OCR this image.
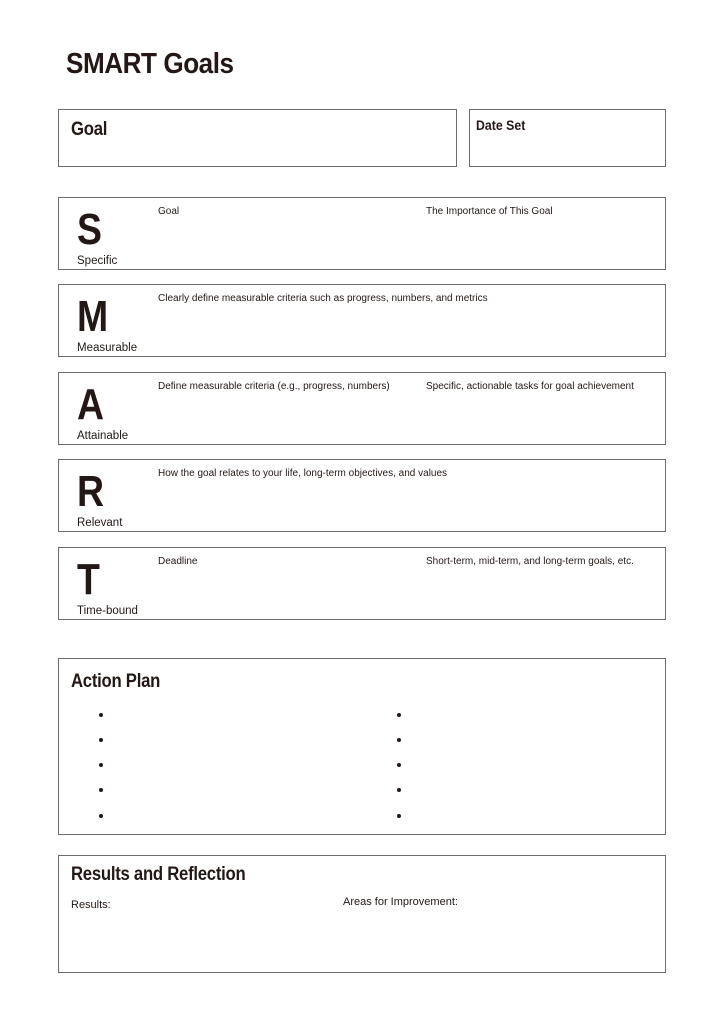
SMART Goals
Goal	Date Set
S
Specific
Goal	The Importance of This Goal
M
Measurable
Clearly define measurable criteria such as progress, numbers, and metrics
A
Attainable
Define measurable criteria (e.g., progress, numbers)	Specific, actionable tasks for goal achievement
R
Relevant
How the goal relates to your life, long-term objectives, and values
T
Time-bound
Deadline	Short-term, mid-term, and long-term goals, etc.
Action Plan
Results and Reflection
Results:	Areas for Improvement:
